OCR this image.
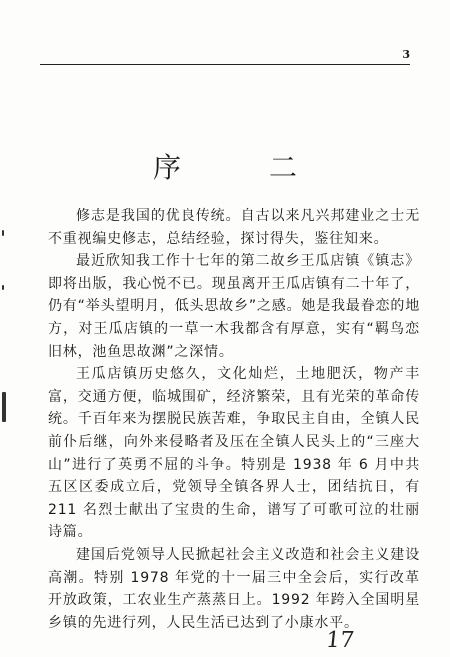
3
序　二

修志是我国的优良传统。自古以来凡兴邦建业之士无不重视编史修志，总结经验，探讨得失，鉴往知来。

最近欣知我工作十七年的第二故乡王瓜店镇《镇志》即将出版，我心悦不已。现虽离开王瓜店镇有二十年了，仍有“举头望明月，低头思故乡”之感。她是我最眷恋的地方，对王瓜店镇的一草一木我都含有厚意，实有“羁鸟恋旧林，池鱼思故渊”之深情。

王瓜店镇历史悠久，文化灿烂，土地肥沃，物产丰富，交通方便，临城围矿，经济繁荣，且有光荣的革命传统。千百年来为摆脱民族苦难，争取民主自由，全镇人民前仆后继，向外来侵略者及压在全镇人民头上的“三座大山”进行了英勇不屈的斗争。特别是 1938 年 6 月中共五区区委成立后，党领导全镇各界人士，团结抗日，有 211 名烈士献出了宝贵的生命，谱写了可歌可泣的壮丽诗篇。

建国后党领导人民掀起社会主义改造和社会主义建设高潮。特别 1978 年党的十一届三中全会后，实行改革开放政策，工农业生产蒸蒸日上。1992 年跨入全国明星乡镇的先进行列，人民生活已达到了小康水平。

17
